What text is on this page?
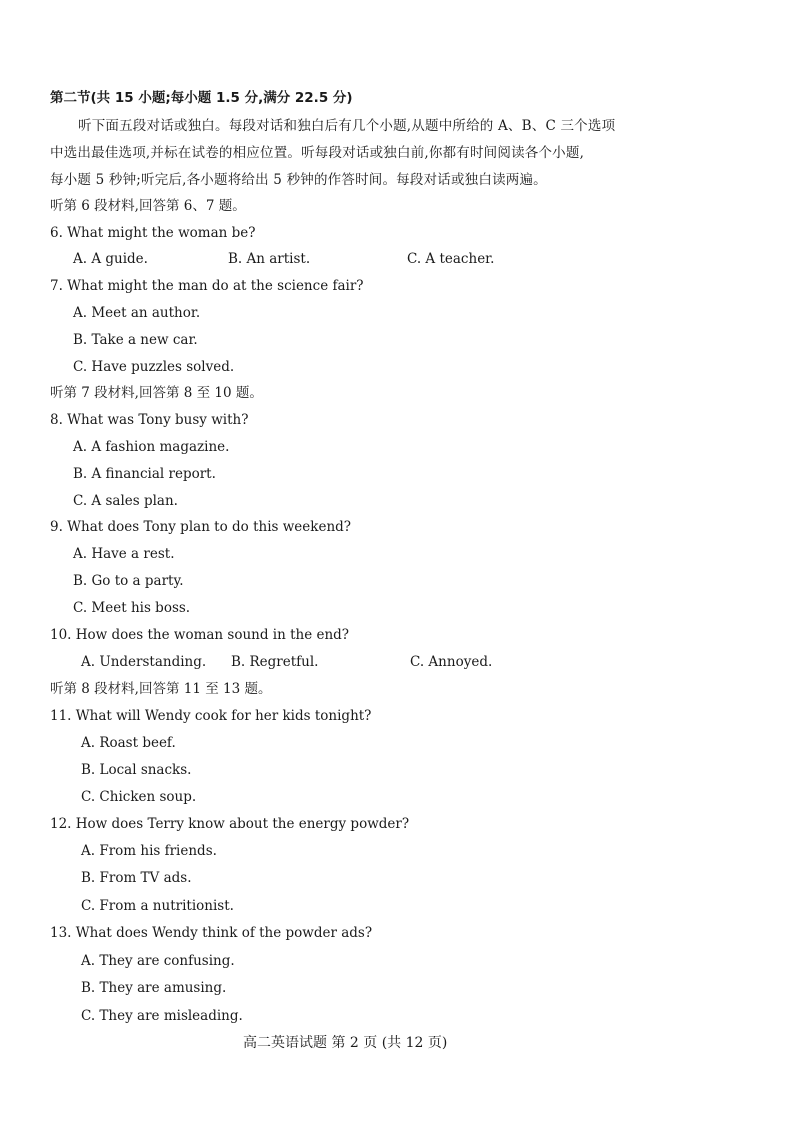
第二节(共 15 小题;每小题 1.5 分,满分 22.5 分)
听下面五段对话或独白。每段对话和独白后有几个小题,从题中所给的 A、B、C 三个选项
中选出最佳选项,并标在试卷的相应位置。听每段对话或独白前,你都有时间阅读各个小题,
每小题 5 秒钟;听完后,各小题将给出 5 秒钟的作答时间。每段对话或独白读两遍。
听第 6 段材料,回答第 6、7 题。
6. What might the woman be?
A. A guide.	B. An artist.	C. A teacher.
7. What might the man do at the science fair?
A. Meet an author.
B. Take a new car.
C. Have puzzles solved.
听第 7 段材料,回答第 8 至 10 题。
8. What was Tony busy with?
A. A fashion magazine.
B. A financial report.
C. A sales plan.
9. What does Tony plan to do this weekend?
A. Have a rest.
B. Go to a party.
C. Meet his boss.
10. How does the woman sound in the end?
A. Understanding. B. Regretful.	C. Annoyed.
听第 8 段材料,回答第 11 至 13 题。
11. What will Wendy cook for her kids tonight?
A. Roast beef.
B. Local snacks.
C. Chicken soup.
12. How does Terry know about the energy powder?
A. From his friends.
B. From TV ads.
C. From a nutritionist.
13. What does Wendy think of the powder ads?
A. They are confusing.
B. They are amusing.
C. They are misleading.
高二英语试题 第 2 页 (共 12 页)
